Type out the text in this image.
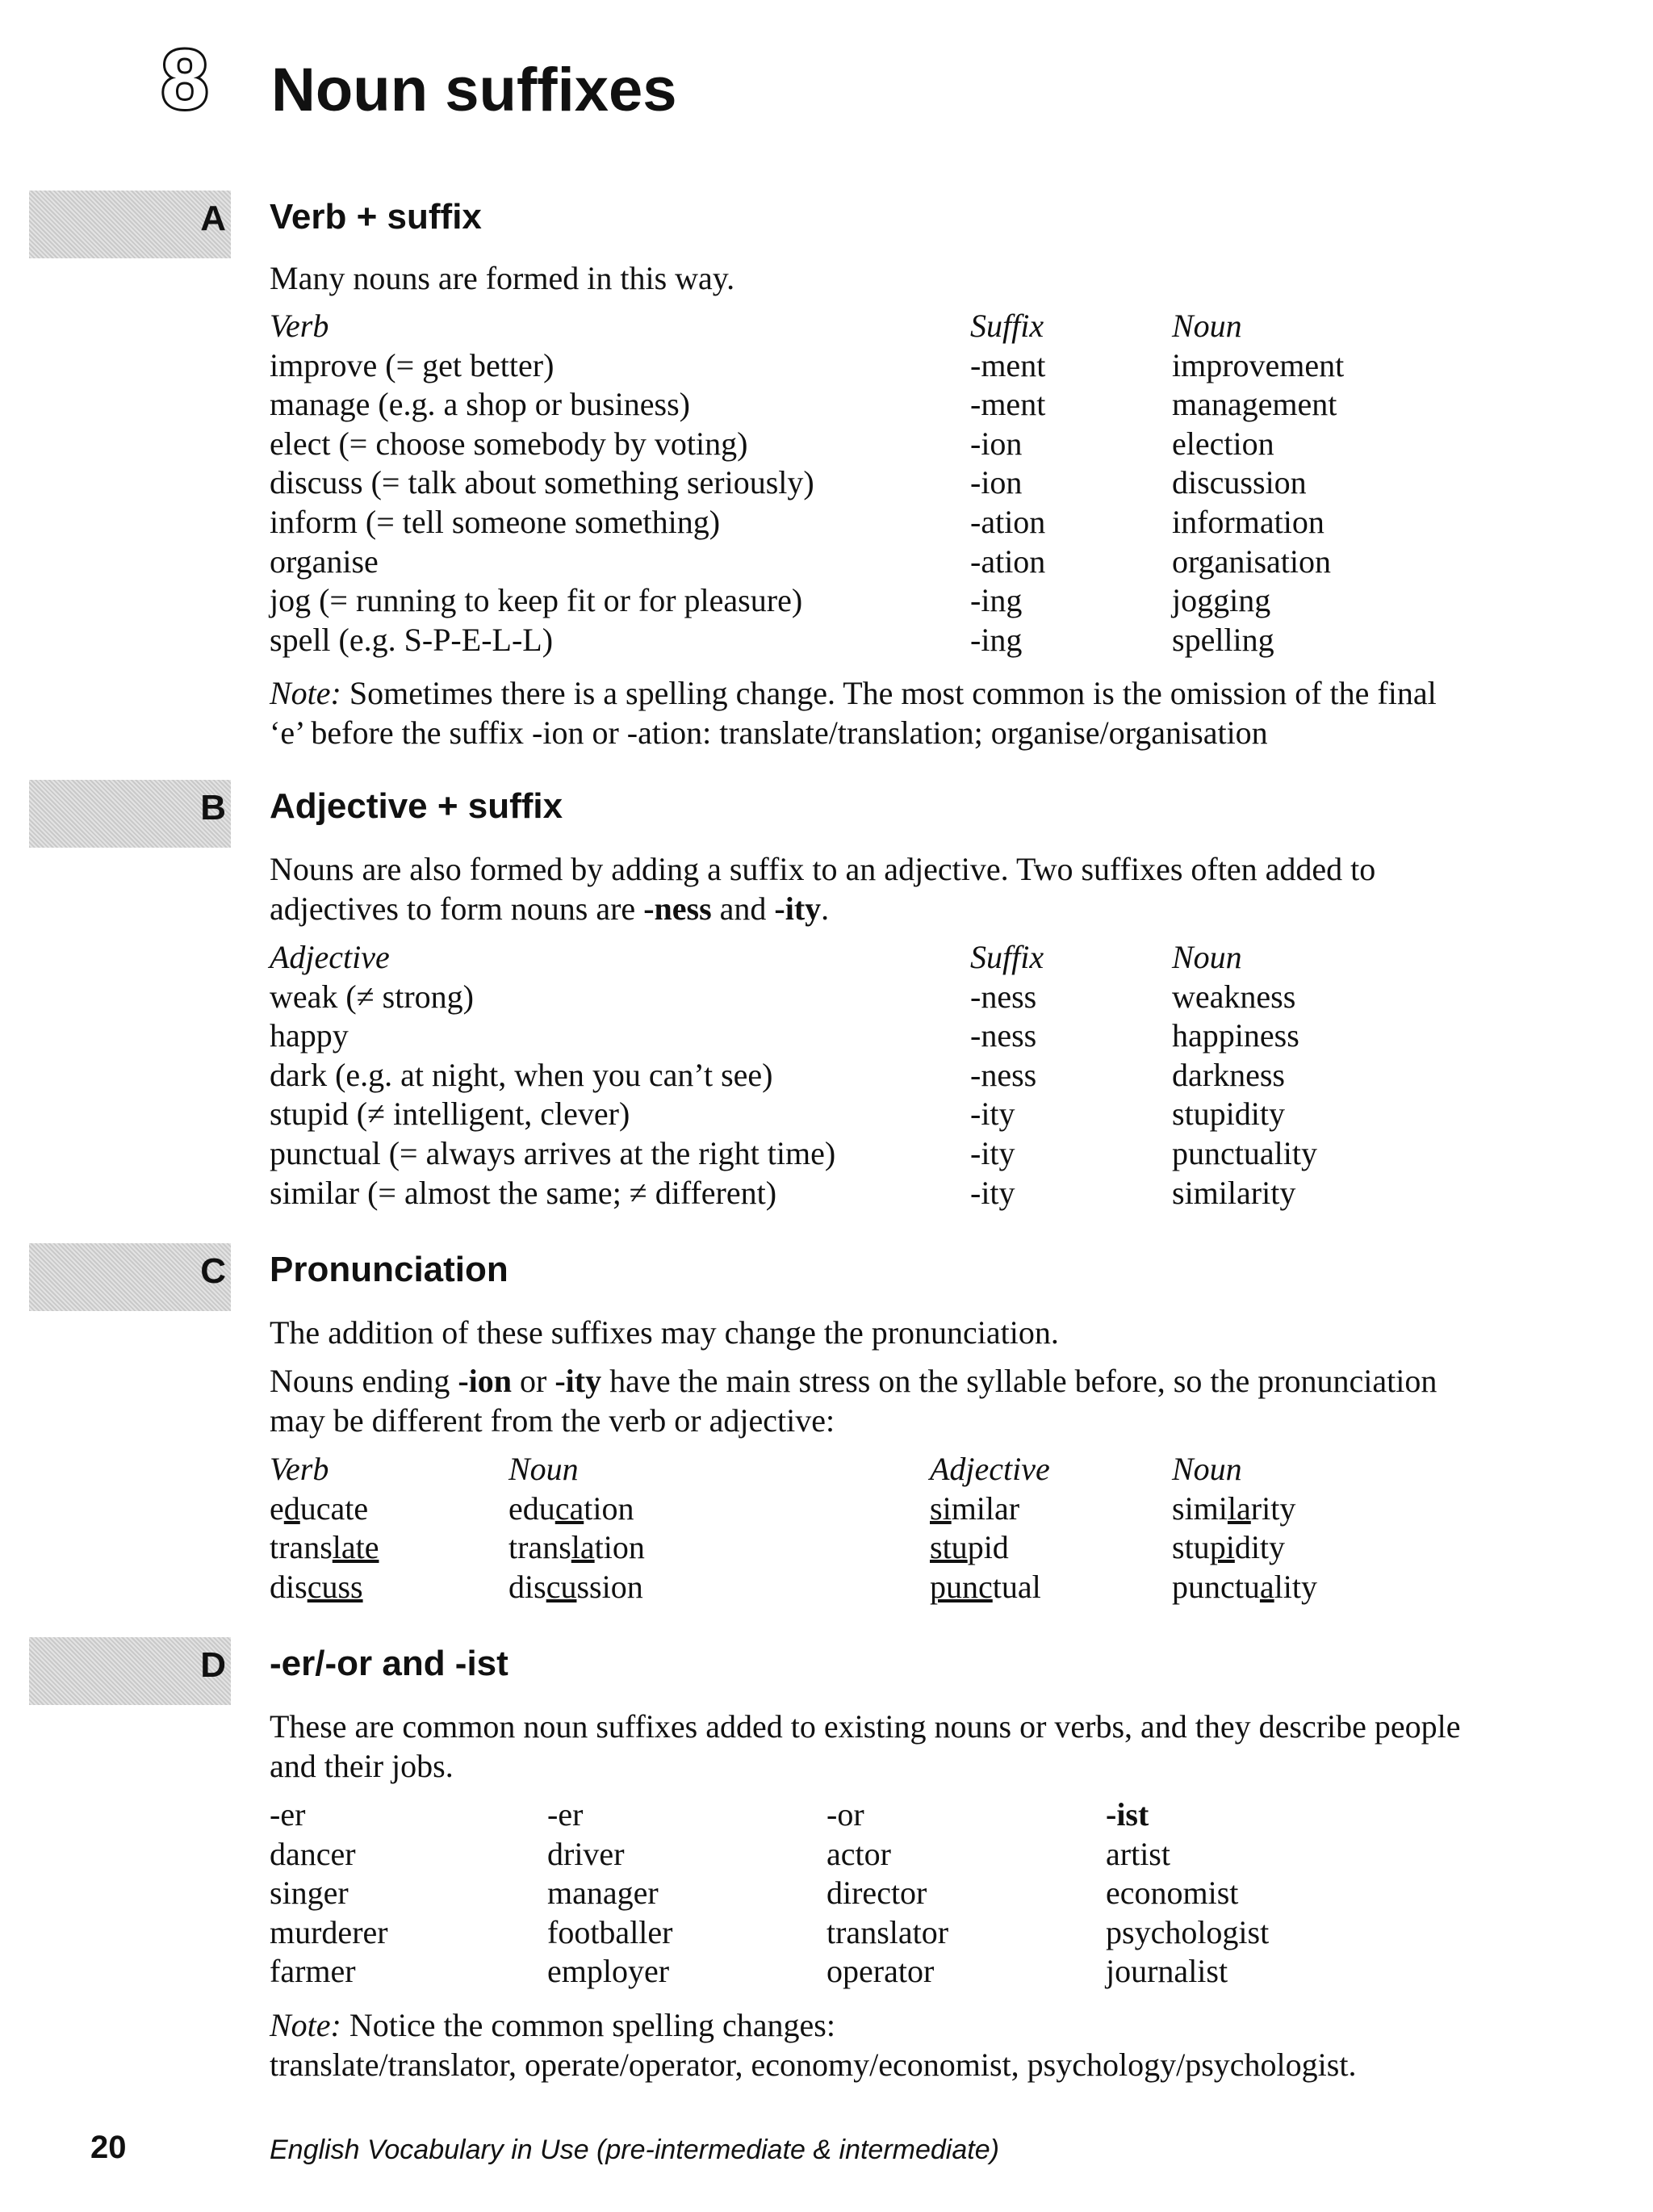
8 Noun suffixes
A Verb + suffix
Many nouns are formed in this way.
Verb	Suffix	Noun
improve (= get better)	-ment	improvement
manage (e.g. a shop or business)	-ment	management
elect (= choose somebody by voting)	-ion	election
discuss (= talk about something seriously)	-ion	discussion
inform (= tell someone something)	-ation	information
organise	-ation	organisation
jog (= running to keep fit or for pleasure)	-ing	jogging
spell (e.g. S-P-E-L-L)	-ing	spelling
Note: Sometimes there is a spelling change. The most common is the omission of the final
‘e’ before the suffix -ion or -ation: translate/translation; organise/organisation
B Adjective + suffix
Nouns are also formed by adding a suffix to an adjective. Two suffixes often added to
adjectives to form nouns are -ness and -ity.
Adjective	Suffix	Noun
weak (≠ strong)	-ness	weakness
happy	-ness	happiness
dark (e.g. at night, when you can’t see)	-ness	darkness
stupid (≠ intelligent, clever)	-ity	stupidity
punctual (= always arrives at the right time)	-ity	punctuality
similar (= almost the same; ≠ different)	-ity	similarity
C Pronunciation
The addition of these suffixes may change the pronunciation.
Nouns ending -ion or -ity have the main stress on the syllable before, so the pronunciation
may be different from the verb or adjective:
Verb	Noun	Adjective	Noun
educate	education	similar	similarity
translate	translation	stupid	stupidity
discuss	discussion	punctual	punctuality
D -er/-or and -ist
These are common noun suffixes added to existing nouns or verbs, and they describe people
and their jobs.
-er	-er	-or	-ist
dancer	driver	actor	artist
singer	manager	director	economist
murderer	footballer	translator	psychologist
farmer	employer	operator	journalist
Note: Notice the common spelling changes:
translate/translator, operate/operator, economy/economist, psychology/psychologist.
20	English Vocabulary in Use (pre-intermediate & intermediate)
